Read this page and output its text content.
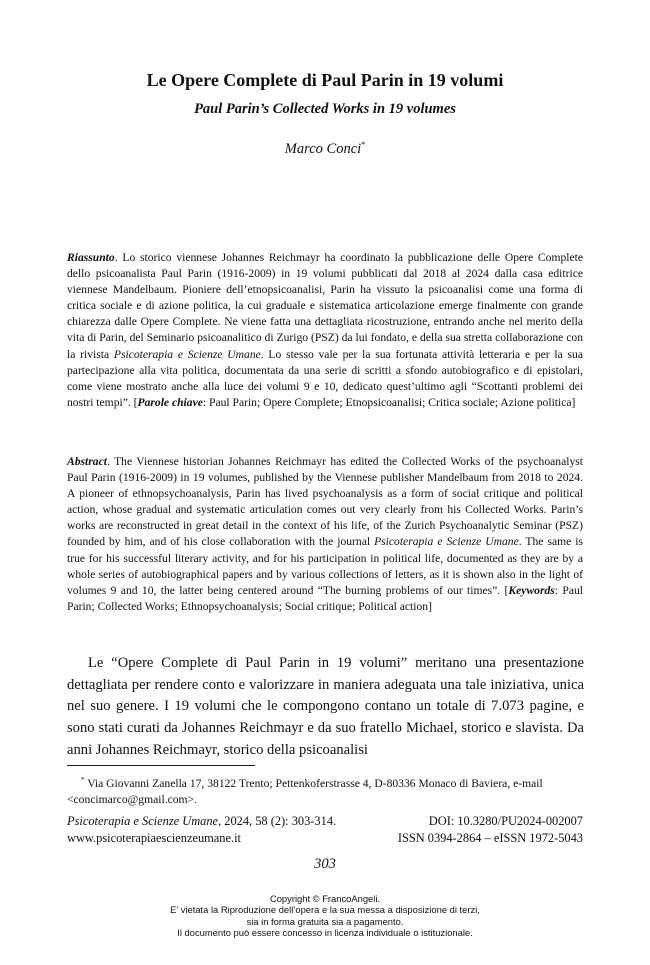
Le Opere Complete di Paul Parin in 19 volumi
Paul Parin’s Collected Works in 19 volumes
Marco Conci*

Riassunto. Lo storico viennese Johannes Reichmayr ha coordinato la pubblicazione delle Opere Complete dello psicoanalista Paul Parin (1916-2009) in 19 volumi pubblicati dal 2018 al 2024 dalla casa editrice viennese Mandelbaum. Pioniere dell’etnopsicoanalisi, Parin ha vissuto la psicoanalisi come una forma di critica sociale e di azione politica, la cui graduale e sistematica articolazione emerge finalmente con grande chiarezza dalle Opere Complete. Ne viene fatta una dettagliata ricostruzione, entrando anche nel merito della vita di Parin, del Seminario psicoanalitico di Zurigo (PSZ) da lui fondato, e della sua stretta collaborazione con la rivista Psicoterapia e Scienze Umane. Lo stesso vale per la sua fortunata attività letteraria e per la sua partecipazione alla vita politica, documentata da una serie di scritti a sfondo autobiografico e di epistolari, come viene mostrato anche alla luce dei volumi 9 e 10, dedicato quest’ultimo agli “Scottanti problemi dei nostri tempi”. [Parole chiave: Paul Parin; Opere Complete; Etnopsicoanalisi; Critica sociale; Azione politica]

Abstract. The Viennese historian Johannes Reichmayr has edited the Collected Works of the psychoanalyst Paul Parin (1916-2009) in 19 volumes, published by the Viennese publisher Mandelbaum from 2018 to 2024. A pioneer of ethnopsychoanalysis, Parin has lived psychoanalysis as a form of social critique and political action, whose gradual and systematic articulation comes out very clearly from his Collected Works. Parin’s works are reconstructed in great detail in the context of his life, of the Zurich Psychoanalytic Seminar (PSZ) founded by him, and of his close collaboration with the journal Psicoterapia e Scienze Umane. The same is true for his successful literary activity, and for his participation in political life, documented as they are by a whole series of autobiographical papers and by various collections of letters, as it is shown also in the light of volumes 9 and 10, the latter being centered around “The burning problems of our times”. [Keywords: Paul Parin; Collected Works; Ethnopsychoanalysis; Social critique; Political action]

Le “Opere Complete di Paul Parin in 19 volumi” meritano una presentazione dettagliata per rendere conto e valorizzare in maniera adeguata una tale iniziativa, unica nel suo genere. I 19 volumi che le compongono contano un totale di 7.073 pagine, e sono stati curati da Johannes Reichmayr e da suo fratello Michael, storico e slavista. Da anni Johannes Reichmayr, storico della psicoanalisi

* Via Giovanni Zanella 17, 38122 Trento; Pettenkoferstrasse 4, D-80336 Monaco di Baviera, e-mail <concimarco@gmail.com>.

Psicoterapia e Scienze Umane, 2024, 58 (2): 303-314.	DOI: 10.3280/PU2024-002007
www.psicoterapiaescienzeumane.it	ISSN 0394-2864 – eISSN 1972-5043
303
Copyright © FrancoAngeli.
E’ vietata la Riproduzione dell’opera e la sua messa a disposizione di terzi,
sia in forma gratuita sia a pagamento.
Il documento può essere concesso in licenza individuale o istituzionale.
